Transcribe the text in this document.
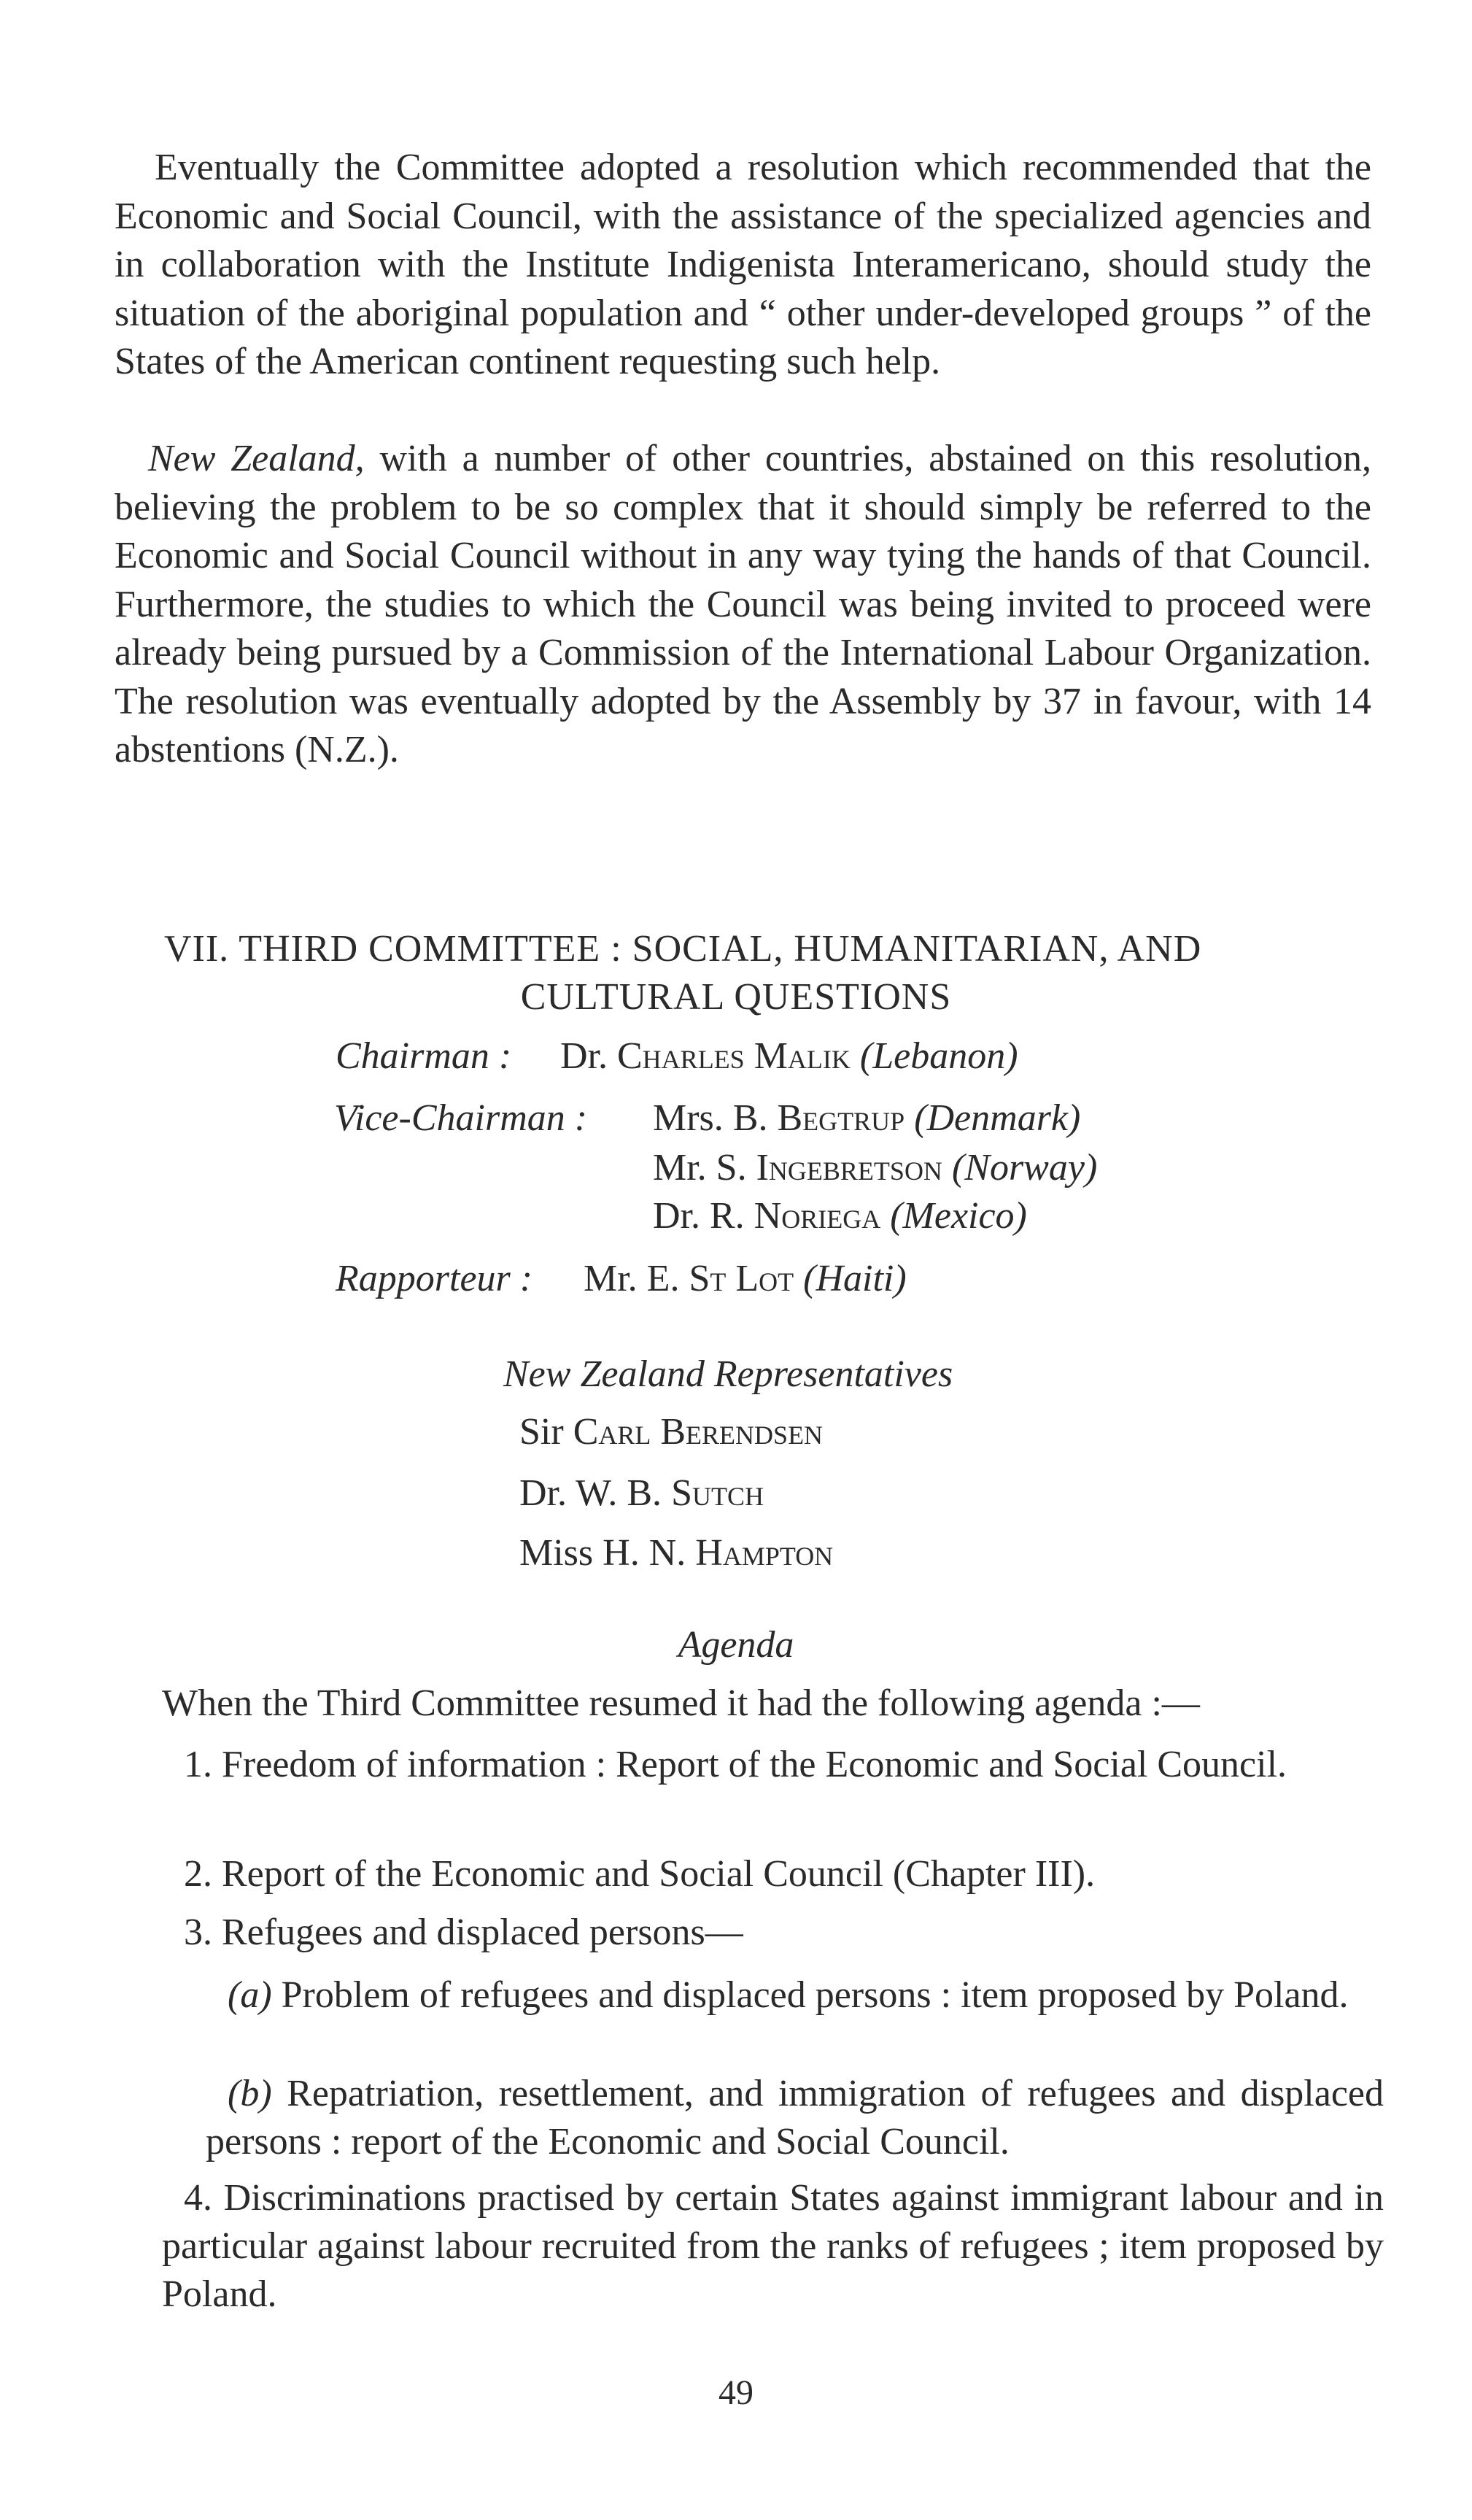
Eventually the Committee adopted a resolution which recommended that the Economic and Social Council, with the assistance of the specialized agencies and in collaboration with the Institute Indigenista Interamericano, should study the situation of the aboriginal population and “ other under-developed groups ” of the States of the American continent requesting such help.

New Zealand, with a number of other countries, abstained on this resolution, believing the problem to be so complex that it should simply be referred to the Economic and Social Council without in any way tying the hands of that Council. Furthermore, the studies to which the Council was being invited to proceed were already being pursued by a Commission of the International Labour Organization. The resolution was eventually adopted by the Assembly by 37 in favour, with 14 abstentions (N.Z.).

VII. THIRD COMMITTEE : SOCIAL, HUMANITARIAN, AND
CULTURAL QUESTIONS
Chairman : Dr. Charles Malik (Lebanon)
Vice-Chairman : Mrs. B. Begtrup (Denmark)
Mr. S. Ingebretson (Norway)
Dr. R. Noriega (Mexico)
Rapporteur : Mr. E. St Lot (Haiti)
New Zealand Representatives
Sir Carl Berendsen
Dr. W. B. Sutch
Miss H. N. Hampton
Agenda
When the Third Committee resumed it had the following agenda :—

1. Freedom of information : Report of the Economic and Social Council.

2. Report of the Economic and Social Council (Chapter III).

3. Refugees and displaced persons—

(a) Problem of refugees and displaced persons : item proposed by Poland.

(b) Repatriation, resettlement, and immigration of refugees and displaced persons : report of the Economic and Social Council.

4. Discriminations practised by certain States against immigrant labour and in particular against labour recruited from the ranks of refugees ; item proposed by Poland.

49
